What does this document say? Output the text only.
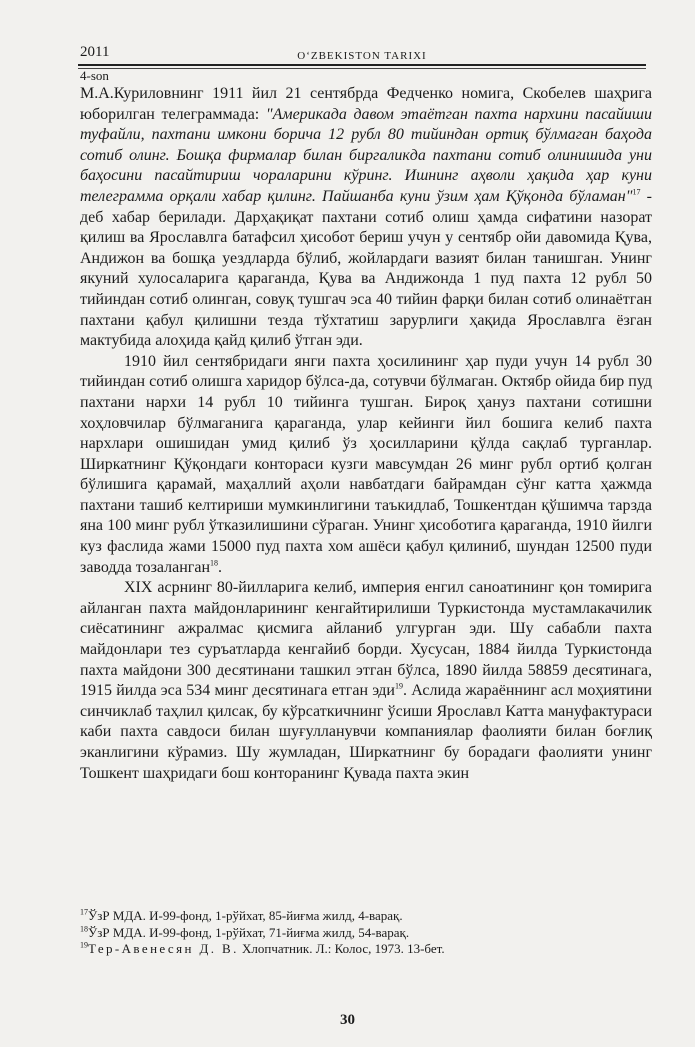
2011	O‘ZBEKISTON TARIXI
4-son

М.А.Куриловнинг 1911 йил 21 сентябрда Федченко номига, Скобелев шаҳрига юборилган телеграммада: "Америкада давом этаётган пахта нархини пасайиши туфайли, пахтани имкони борича 12 рубл 80 тийиндан ортиқ бўлмаган баҳода сотиб олинг. Бошқа фирмалар билан биргаликда пахтани сотиб олинишида уни баҳосини пасайтириш чораларини кўринг. Ишнинг аҳволи ҳақида ҳар куни телеграмма орқали хабар қилинг. Пайшанба куни ўзим ҳам Қўқонда бўламан"$^{17}$ - деб хабар берилади. Дарҳақиқат пахтани сотиб олиш ҳамда сифатини назорат қилиш ва Ярославлга батафсил ҳисобот бериш учун у сентябр ойи давомида Қува, Андижон ва бошқа уездларда бўлиб, жойлардаги вазият билан танишган. Унинг якуний хулосаларига қараганда, Қува ва Андижонда 1 пуд пахта 12 рубл 50 тийиндан сотиб олинган, совуқ тушгач эса 40 тийин фарқи билан сотиб олинаётган пахтани қабул қилишни тезда тўхтатиш зарурлиги ҳақида Ярославлга ёзган мактубида алоҳида қайд қилиб ўтган эди.

1910 йил сентябридаги янги пахта ҳосилининг ҳар пуди учун 14 рубл 30 тийиндан сотиб олишга харидор бўлса-да, сотувчи бўлмаган. Октябр ойида бир пуд пахтани нархи 14 рубл 10 тийинга тушган. Бироқ ҳануз пахтани сотишни хоҳловчилар бўлмаганига қараганда, улар кейинги йил бошига келиб пахта нархлари ошишидан умид қилиб ўз ҳосилларини қўлда сақлаб турганлар. Ширкатнинг Қўқондаги контораси кузги мавсумдан 26 минг рубл ортиб қолган бўлишига қарамай, маҳаллий аҳоли навбатдаги байрамдан сўнг катта ҳажмда пахтани ташиб келтириши мумкинлигини таъкидлаб, Тошкентдан қўшимча тарзда яна 100 минг рубл ўтказилишини сўраган. Унинг ҳисоботига қараганда, 1910 йилги куз фаслида жами 15000 пуд пахта хом ашёси қабул қилиниб, шундан 12500 пуди заводда тозаланган$^{18}$.

XIX асрнинг 80-йилларига келиб, империя енгил саноатининг қон томирига айланган пахта майдонларининг кенгайтирилиши Туркистонда мустамлакачилик сиёсатининг ажралмас қисмига айланиб улгурган эди. Шу сабабли пахта майдонлари тез суръатларда кенгайиб борди. Хусусан, 1884 йилда Туркистонда пахта майдони 300 десятинани ташкил этган бўлса, 1890 йилда 58859 десятинага, 1915 йилда эса 534 минг десятинага етган эди$^{19}$. Аслида жараённинг асл моҳиятини синчиклаб таҳлил қилсак, бу кўрсаткичнинг ўсиши Ярославл Катта мануфактураси каби пахта савдоси билан шуғулланувчи компаниялар фаолияти билан боғлиқ эканлигини кўрамиз. Шу жумладан, Ширкатнинг бу борадаги фаолияти унинг Тошкент шаҳридаги бош конторанинг Қувада пахта экин

$^{17}$ЎзР МДА. И-99-фонд, 1-рўйхат, 85-йиғма жилд, 4-варақ.

$^{18}$ЎзР МДА. И-99-фонд, 1-рўйхат, 71-йиғма жилд, 54-варақ.

$^{19}$Тер-Авенесян Д. В. Хлопчатник. Л.: Колос, 1973. 13-бет.

30
